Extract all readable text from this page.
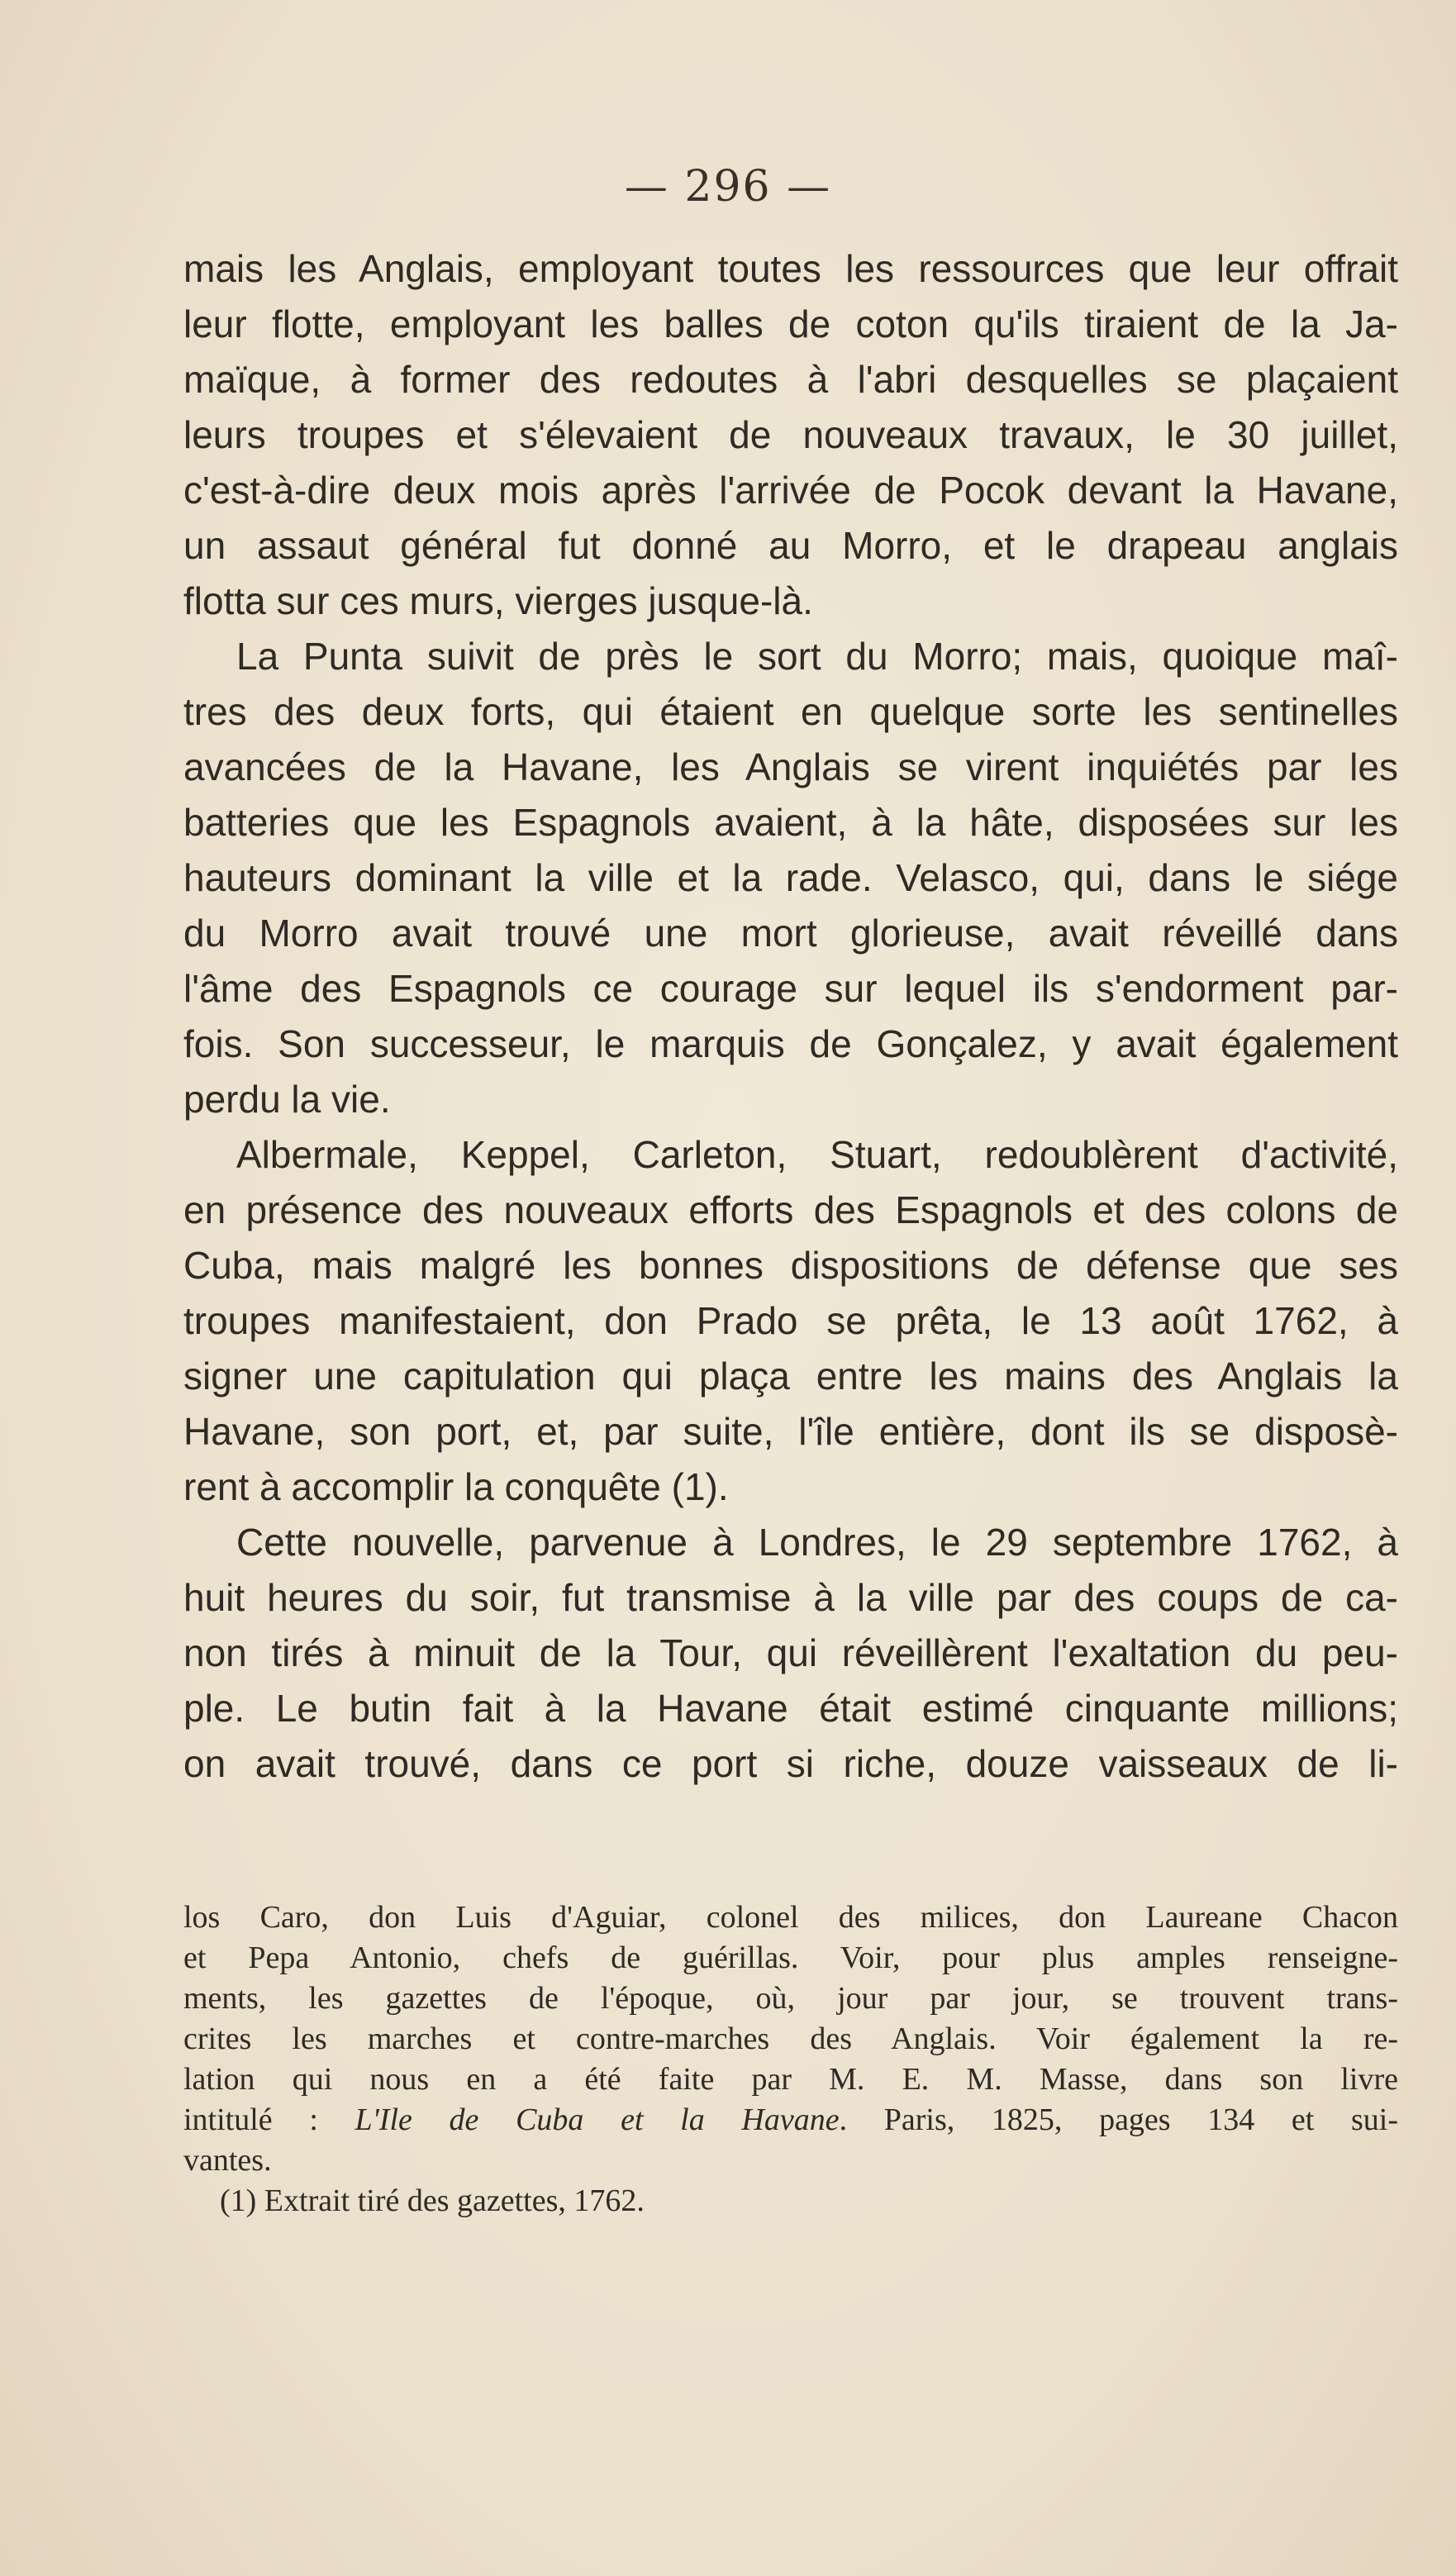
— 296 —
mais les Anglais, employant toutes les ressources que leur offrait
leur flotte, employant les balles de coton qu'ils tiraient de la Ja-
maïque, à former des redoutes à l'abri desquelles se plaçaient
leurs troupes et s'élevaient de nouveaux travaux, le 30 juillet,
c'est-à-dire deux mois après l'arrivée de Pocok devant la Havane,
un assaut général fut donné au Morro, et le drapeau anglais
flotta sur ces murs, vierges jusque-là.
La Punta suivit de près le sort du Morro; mais, quoique maî-
tres des deux forts, qui étaient en quelque sorte les sentinelles
avancées de la Havane, les Anglais se virent inquiétés par les
batteries que les Espagnols avaient, à la hâte, disposées sur les
hauteurs dominant la ville et la rade. Velasco, qui, dans le siége
du Morro avait trouvé une mort glorieuse, avait réveillé dans
l'âme des Espagnols ce courage sur lequel ils s'endorment par-
fois. Son successeur, le marquis de Gonçalez, y avait également
perdu la vie.
Albermale, Keppel, Carleton, Stuart, redoublèrent d'activité,
en présence des nouveaux efforts des Espagnols et des colons de
Cuba, mais malgré les bonnes dispositions de défense que ses
troupes manifestaient, don Prado se prêta, le 13 août 1762, à
signer une capitulation qui plaça entre les mains des Anglais la
Havane, son port, et, par suite, l'île entière, dont ils se disposè-
rent à accomplir la conquête (1).
Cette nouvelle, parvenue à Londres, le 29 septembre 1762, à
huit heures du soir, fut transmise à la ville par des coups de ca-
non tirés à minuit de la Tour, qui réveillèrent l'exaltation du peu-
ple. Le butin fait à la Havane était estimé cinquante millions;
on avait trouvé, dans ce port si riche, douze vaisseaux de li-
los Caro, don Luis d'Aguiar, colonel des milices, don Laureane Chacon
et Pepa Antonio, chefs de guérillas. Voir, pour plus amples renseigne-
ments, les gazettes de l'époque, où, jour par jour, se trouvent trans-
crites les marches et contre-marches des Anglais. Voir également la re-
lation qui nous en a été faite par M. E. M. Masse, dans son livre
intitulé : L'Ile de Cuba et la Havane. Paris, 1825, pages 134 et sui-
vantes.
(1) Extrait tiré des gazettes, 1762.
